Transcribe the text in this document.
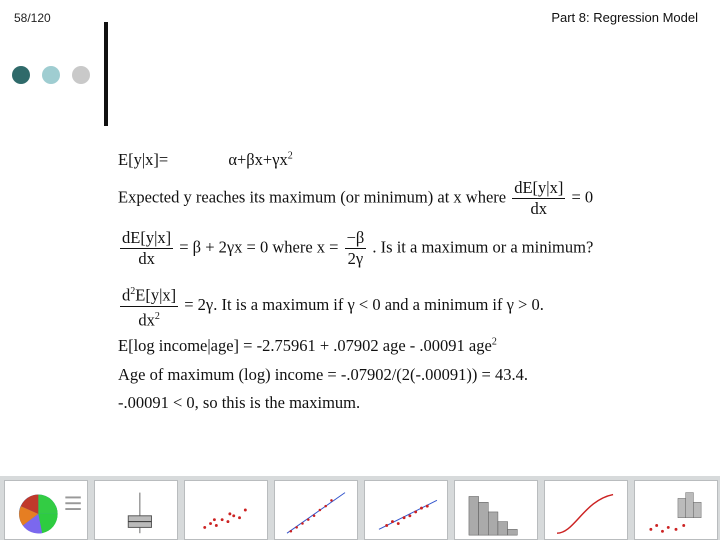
58/120	Part 8: Regression Model
E[y|x]=	$\alpha+\beta x+\gamma x^2$
Expected y reaches its maximum (or minimum) at x where $\frac{dE[y|x]}{dx} = 0$
$\frac{dE[y|x]}{dx} = \beta + 2\gamma x = 0$ where $x = \frac{-\beta}{2\gamma}$ . Is it a maximum or a minimum?
$\frac{d^2E[y|x]}{dx^2} = 2\gamma$. It is a maximum if γ < 0 and a minimum if γ > 0.
E[log income|age] = -2.75961 + .07902 age - .00091 age$^2$
Age of maximum (log) income = -.07902/(2(-.00091)) = 43.4.
-.00091 < 0, so this is the maximum.
